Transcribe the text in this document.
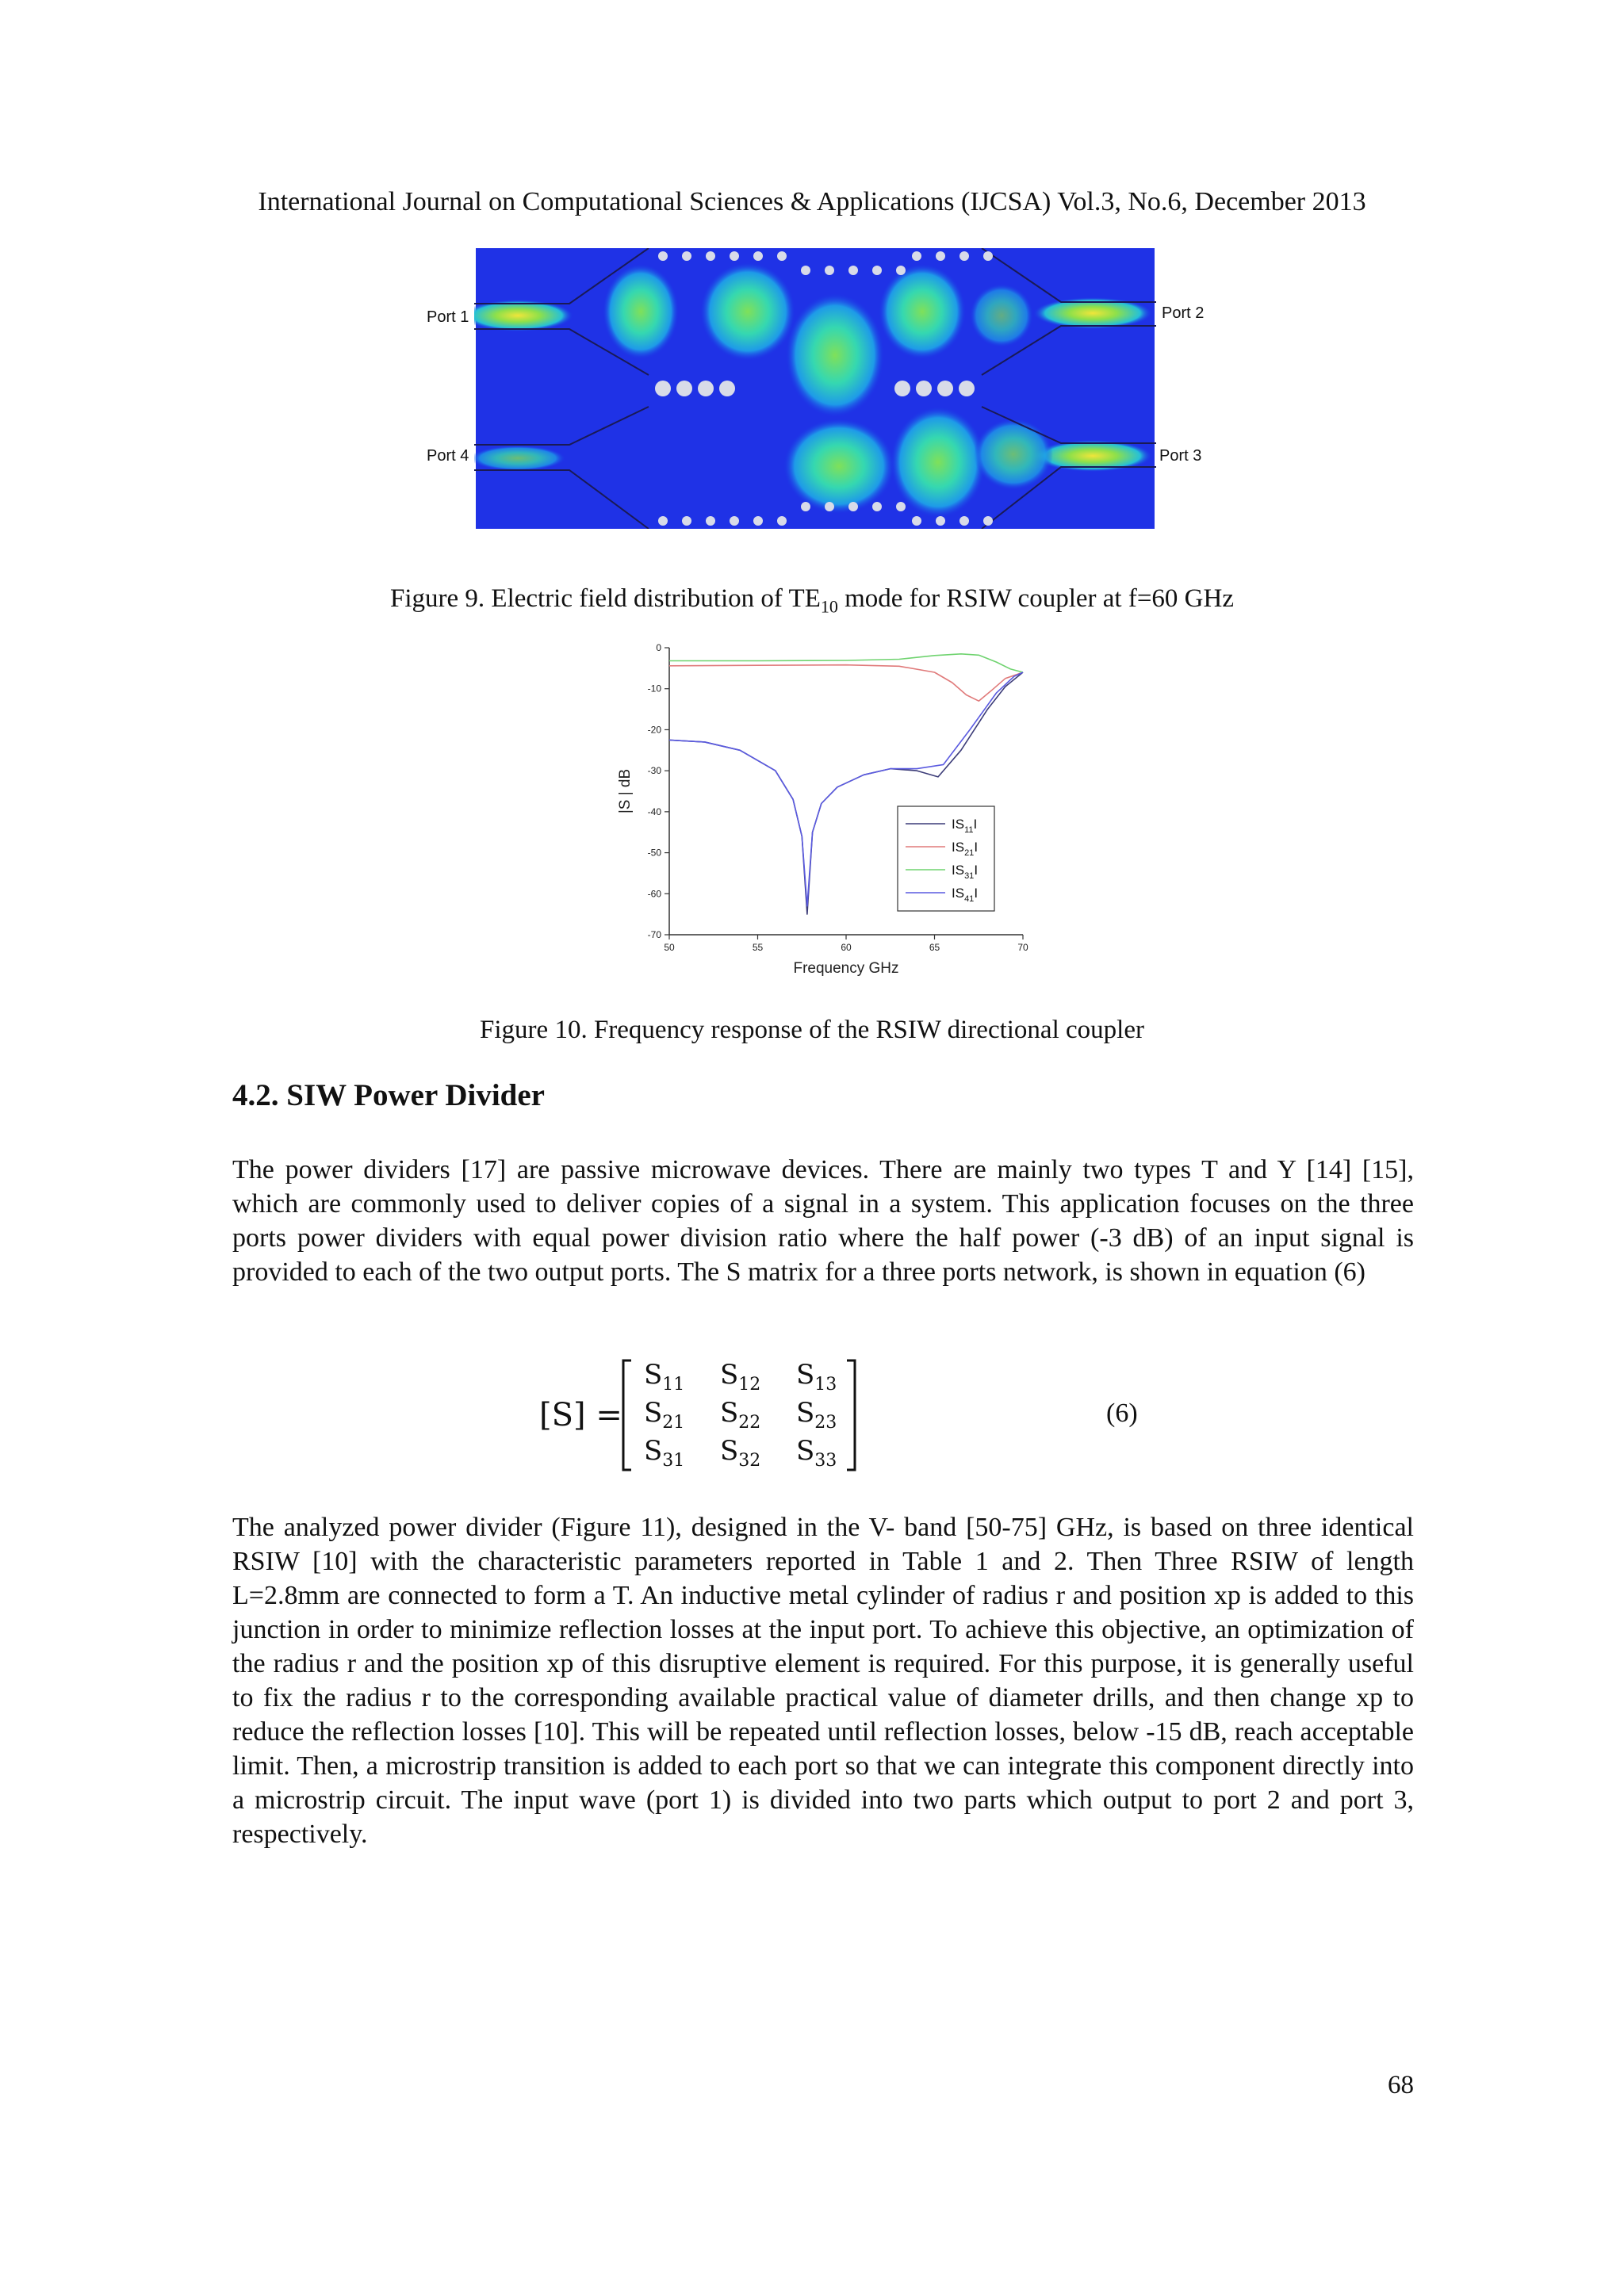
International Journal on Computational Sciences & Applications (IJCSA) Vol.3, No.6, December 2013
Port 1	Port 2
Port 3
Port 4
Figure 9. Electric field distribution of $TE_{10}$ mode for RSIW coupler at f=60 GHz
0
-10
-20
-30
-40
-50
-60
-70
50	55	60	65	70
Frequency GHz
|S | dB
$IS_{11}I$
$IS_{21}I$
$IS_{31}I$
$IS_{41}I$
Figure 10. Frequency response of the RSIW directional coupler
4.2. SIW Power Divider

The power dividers [17] are passive microwave devices. There are mainly two types T and Y [14] [15], which are commonly used to deliver copies of a signal in a system. This application focuses on the three ports power dividers with equal power division ratio where the half power (-3 dB) of an input signal is provided to each of the two output ports. The S matrix for a three ports network, is shown in equation (6)

[S] =
$S_{11}$ $S_{12}$ $S_{13}$
$S_{21}$ $S_{22}$ $S_{23}$
$S_{31}$ $S_{32}$ $S_{33}$
(6)

The analyzed power divider (Figure 11), designed in the V- band [50-75] GHz, is based on three identical RSIW [10] with the characteristic parameters reported in Table 1 and 2. Then Three RSIW of length L=2.8mm are connected to form a T. An inductive metal cylinder of radius r and position xp is added to this junction in order to minimize reflection losses at the input port. To achieve this objective, an optimization of the radius r and the position xp of this disruptive element is required. For this purpose, it is generally useful to fix the radius r to the corresponding available practical value of diameter drills, and then change xp to reduce the reflection losses [10]. This will be repeated until reflection losses, below -15 dB, reach acceptable limit. Then, a microstrip transition is added to each port so that we can integrate this component directly into a microstrip circuit. The input wave (port 1) is divided into two parts which output to port 2 and port 3, respectively.

68
